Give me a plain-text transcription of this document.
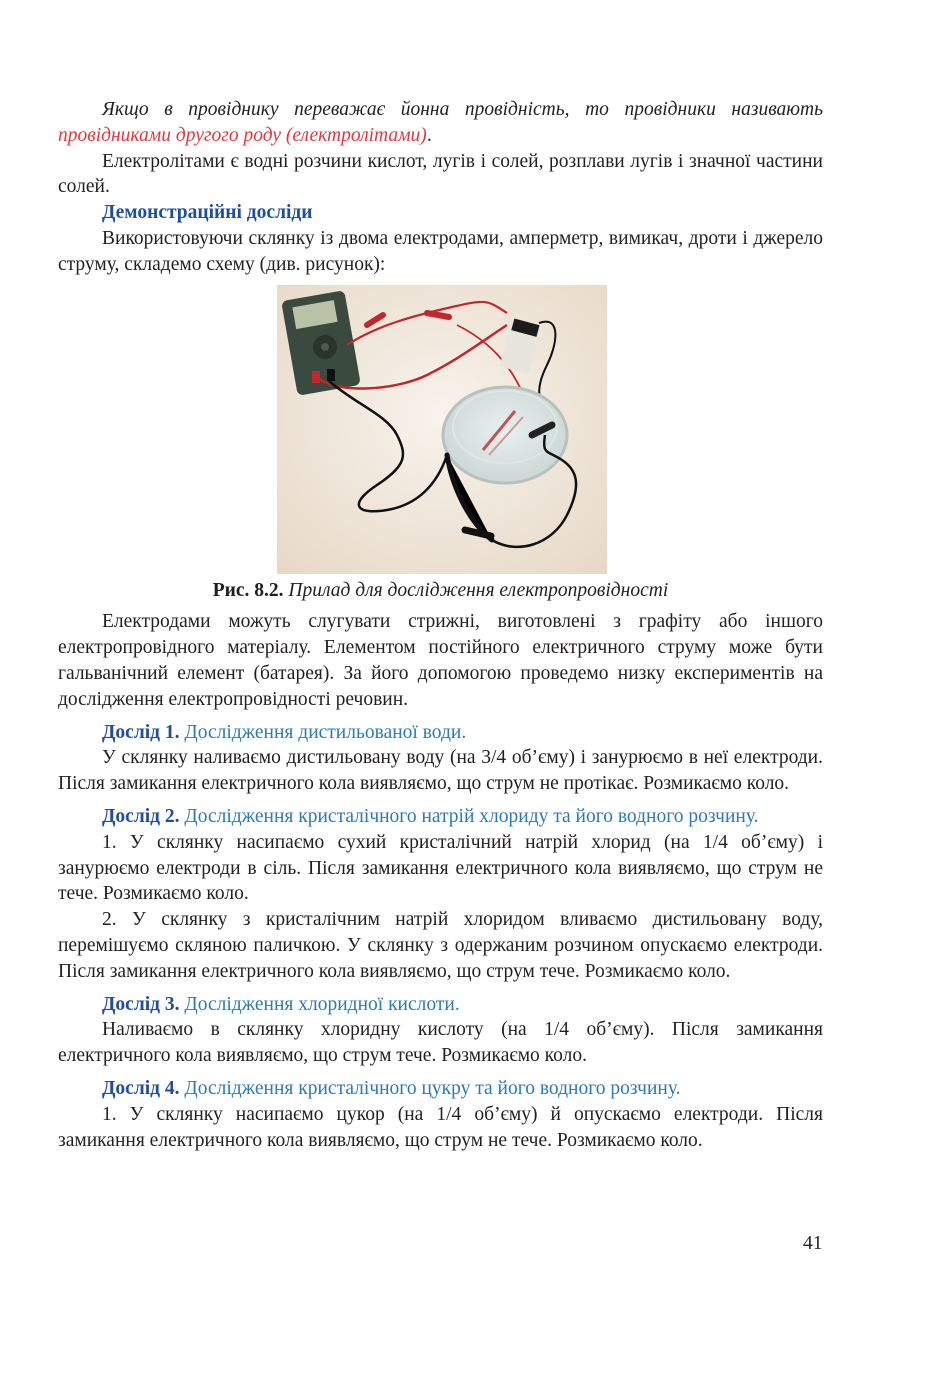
Якщо в провіднику переважає йонна провідність, то провідники називають провідниками другого роду (електролітами).

Електролітами є водні розчини кислот, лугів і солей, розплави лугів і значної частини солей.

Демонстраційні досліди

Використовуючи склянку із двома електродами, амперметр, вимикач, дроти і джерело струму, складемо схему (див. рисунок):

Рис. 8.2. Прилад для дослідження електропровідності

Електродами можуть слугувати стрижні, виготовлені з графіту або іншого електропровідного матеріалу. Елементом постійного електричного струму може бути гальванічний елемент (батарея). За його допомогою проведемо низку експериментів на дослідження електропровідності речовин.

Дослід 1. Дослідження дистильованої води.

У склянку наливаємо дистильовану воду (на 3/4 об’єму) і занурюємо в неї електроди. Після замикання електричного кола виявляємо, що струм не протікає. Розмикаємо коло.

Дослід 2. Дослідження кристалічного натрій хлориду та його водного розчину.

1. У склянку насипаємо сухий кристалічний натрій хлорид (на 1/4 об’єму) і занурюємо електроди в сіль. Після замикання електричного кола виявляємо, що струм не тече. Розмикаємо коло.

2. У склянку з кристалічним натрій хлоридом вливаємо дистильовану воду, перемішуємо скляною паличкою. У склянку з одержаним розчином опускаємо електроди. Після замикання електричного кола виявляємо, що струм тече. Розмикаємо коло.

Дослід 3. Дослідження хлоридної кислоти.

Наливаємо в склянку хлоридну кислоту (на 1/4 об’єму). Після замикання електричного кола виявляємо, що струм тече. Розмикаємо коло.

Дослід 4. Дослідження кристалічного цукру та його водного розчину.

1. У склянку насипаємо цукор (на 1/4 об’єму) й опускаємо електроди. Після замикання електричного кола виявляємо, що струм не тече. Розмикаємо коло.

41
